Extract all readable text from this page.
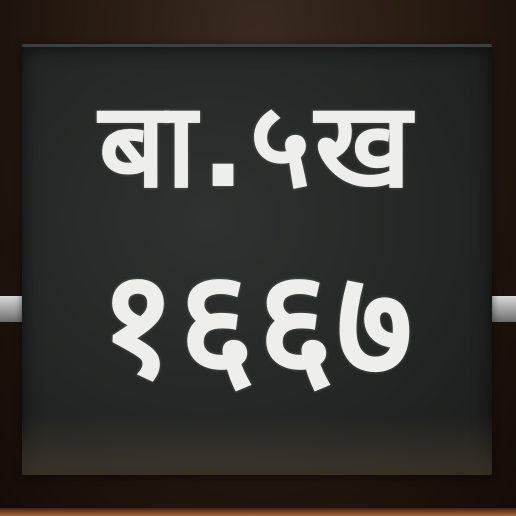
बा.५ख
१६६७
